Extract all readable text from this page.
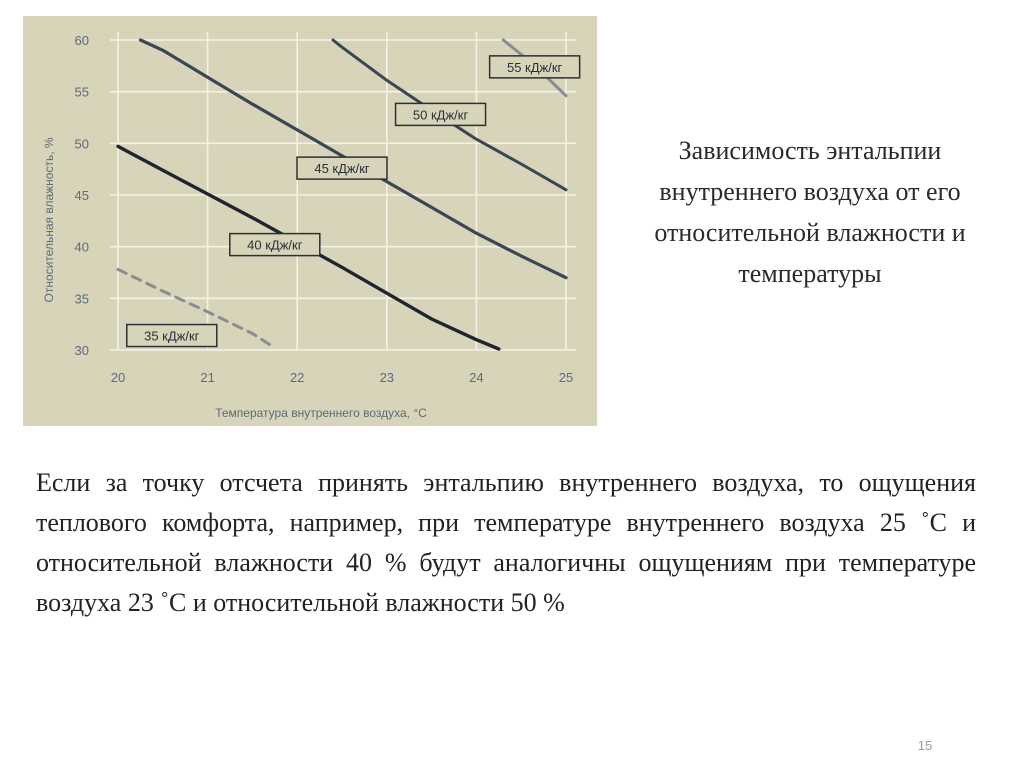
35 кДж/кг
40 кДж/кг
45 кДж/кг
50 кДж/кг
55 кДж/кг
20	21	22	23	24	25
30
35
40
45
50
55
60
Температура внутреннего воздуха, °С
Относительная влажность, %	Зависимость энтальпии внутреннего воздуха от его относительной влажности и температуры
Если за точку отсчета принять энтальпию внутреннего воздуха, то ощущения теплового комфорта, например, при температуре внутреннего воздуха 25 ˚С и относительной влажности 40 % будут аналогичны ощущениям при температуре воздуха 23 ˚С и относительной влажности 50 %
15
